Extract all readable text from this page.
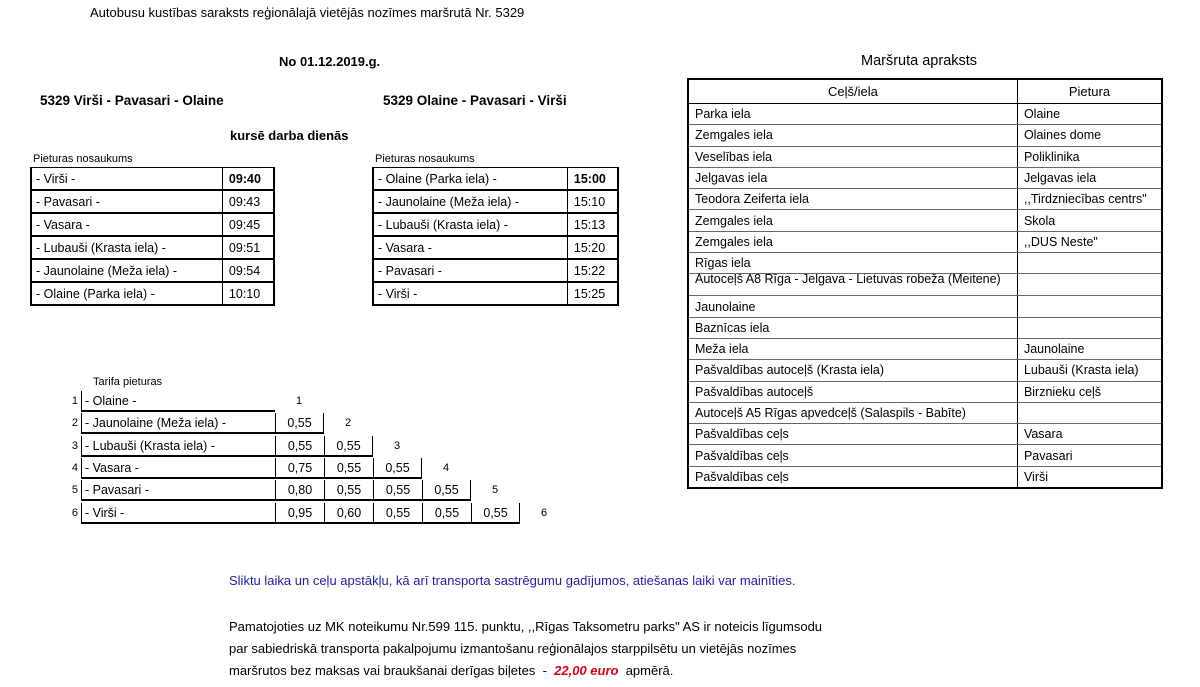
Autobusu kustības saraksts reģionālajā vietējās nozīmes maršrutā Nr. 5329
No 01.12.2019.g.
5329 Virši - Pavasari - Olaine
kursē darba dienās
Pieturas nosaukums
- Virši -	09:40
- Pavasari -	09:43
- Vasara -	09:45
- Lubauši (Krasta iela) -	09:51
- Jaunolaine (Meža iela) -	09:54
- Olaine (Parka iela) -	10:10
5329 Olaine - Pavasari - Virši
Pieturas nosaukums
- Olaine (Parka iela) -	15:00
- Jaunolaine (Meža iela) -	15:10
- Lubauši (Krasta iela) -	15:13
- Vasara -	15:20
- Pavasari -	15:22
- Virši -	15:25
Tarifa pieturas
1 - Olaine -
2 - Jaunolaine (Meža iela) -	0,55
3 - Lubauši (Krasta iela) -	0,55	0,55
4 - Vasara -	0,75	0,55	0,55
5 - Pavasari -	0,80	0,55	0,55	0,55
6 - Virši -	0,95	0,60	0,55	0,55	0,55
1
2
3
4
5
6
Maršruta apraksts
Ceļš/iela	Pietura
Parka iela	Olaine
Zemgales iela	Olaines dome
Veselības iela	Poliklinika
Jelgavas iela	Jelgavas iela
Teodora Zeiferta iela	,,Tirdzniecības centrs"
Zemgales iela	Skola
Zemgales iela	,,DUS Neste"
Rīgas iela	

Autoceļš A8 Rīga - Jelgava - Lietuvas robeža (Meitene)	

Jaunolaine	
Baznīcas iela	
Meža iela	Jaunolaine
Pašvaldības autoceļš (Krasta iela)	Lubauši (Krasta iela)
Pašvaldības autoceļš	Birznieku ceļš
Autoceļš A5 Rīgas apvedceļš (Salaspils - Babīte)	
Pašvaldības ceļs	Vasara
Pašvaldības ceļs	Pavasari
Pašvaldības ceļs	Virši
Sliktu laika un ceļu apstākļu, kā arī transporta sastrēgumu gadījumos, atiešanas laiki var mainīties.
Pamatojoties uz MK noteikumu Nr.599 115. punktu, ,,Rīgas Taksometru parks" AS ir noteicis līgumsodu
par sabiedriskā transporta pakalpojumu izmantošanu reģionālajos starppilsētu un vietējās nozīmes
maršrutos bez maksas vai braukšanai derīgas biļetes  -  22,00 euro  apmērā.
